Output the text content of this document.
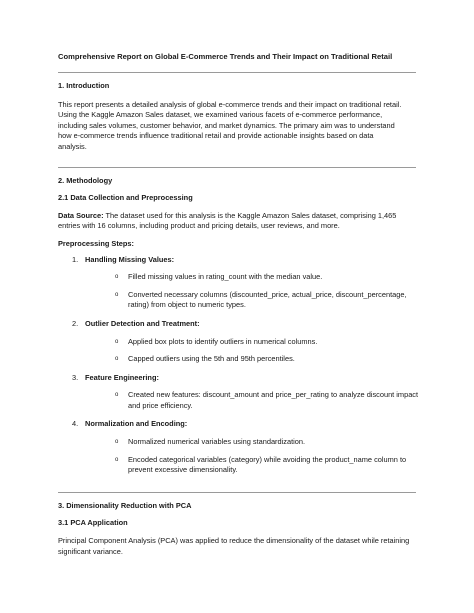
Comprehensive Report on Global E-Commerce Trends and Their Impact on Traditional Retail
1. Introduction
This report presents a detailed analysis of global e-commerce trends and their impact on traditional retail. Using the Kaggle Amazon Sales dataset, we examined various facets of e-commerce performance, including sales volumes, customer behavior, and market dynamics. The primary aim was to understand how e-commerce trends influence traditional retail and provide actionable insights based on data analysis.
2. Methodology
2.1 Data Collection and Preprocessing
Data Source: The dataset used for this analysis is the Kaggle Amazon Sales dataset, comprising 1,465 entries with 16 columns, including product and pricing details, user reviews, and more.
Preprocessing Steps:
1. Handling Missing Values:
o Filled missing values in rating_count with the median value.
o Converted necessary columns (discounted_price, actual_price, discount_percentage, rating) from object to numeric types.
2. Outlier Detection and Treatment:
o Applied box plots to identify outliers in numerical columns.
o Capped outliers using the 5th and 95th percentiles.
3. Feature Engineering:
o Created new features: discount_amount and price_per_rating to analyze discount impact and price efficiency.
4. Normalization and Encoding:
o Normalized numerical variables using standardization.
o Encoded categorical variables (category) while avoiding the product_name column to prevent excessive dimensionality.
3. Dimensionality Reduction with PCA
3.1 PCA Application
Principal Component Analysis (PCA) was applied to reduce the dimensionality of the dataset while retaining significant variance.
